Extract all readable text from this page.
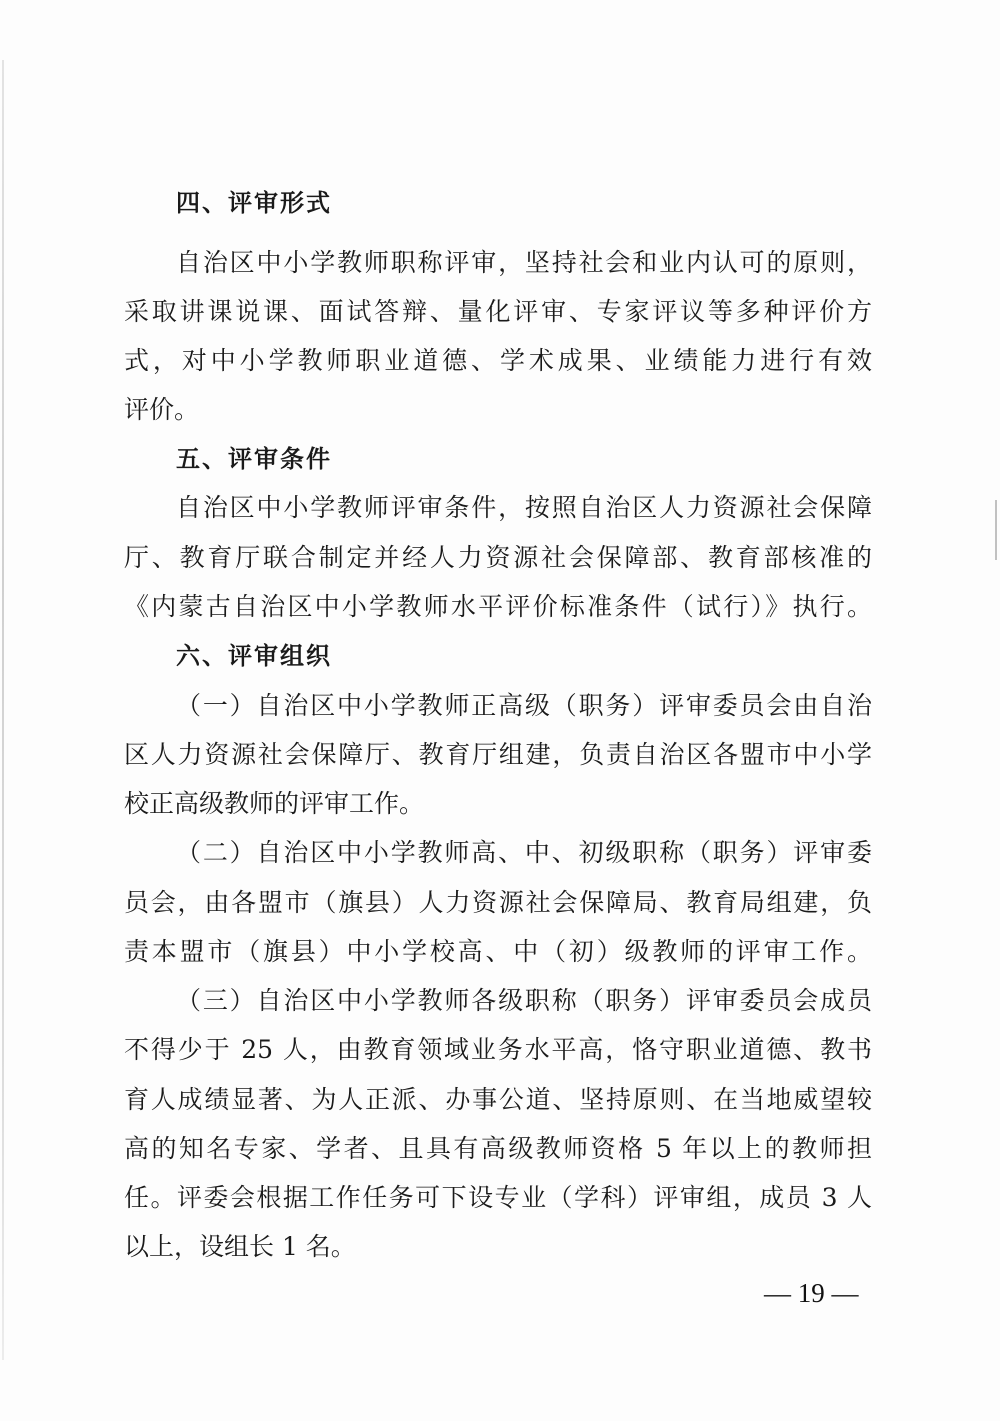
四、评审形式
自治区中小学教师职称评审，坚持社会和业内认可的原则，
采取讲课说课、面试答辩、量化评审、专家评议等多种评价方
式，对中小学教师职业道德、学术成果、业绩能力进行有效
评价。
五、评审条件
自治区中小学教师评审条件，按照自治区人力资源社会保障
厅、教育厅联合制定并经人力资源社会保障部、教育部核准的
《内蒙古自治区中小学教师水平评价标准条件（试行）》执行。
六、评审组织
（一）自治区中小学教师正高级（职务）评审委员会由自治
区人力资源社会保障厅、教育厅组建，负责自治区各盟市中小学
校正高级教师的评审工作。
（二）自治区中小学教师高、中、初级职称（职务）评审委
员会，由各盟市（旗县）人力资源社会保障局、教育局组建，负
责本盟市（旗县）中小学校高、中（初）级教师的评审工作。
（三）自治区中小学教师各级职称（职务）评审委员会成员
不得少于 25 人，由教育领域业务水平高，恪守职业道德、教书
育人成绩显著、为人正派、办事公道、坚持原则、在当地威望较
高的知名专家、学者、且具有高级教师资格 5 年以上的教师担
任。评委会根据工作任务可下设专业（学科）评审组，成员 3 人
以上，设组长 1 名。
— 19 —
